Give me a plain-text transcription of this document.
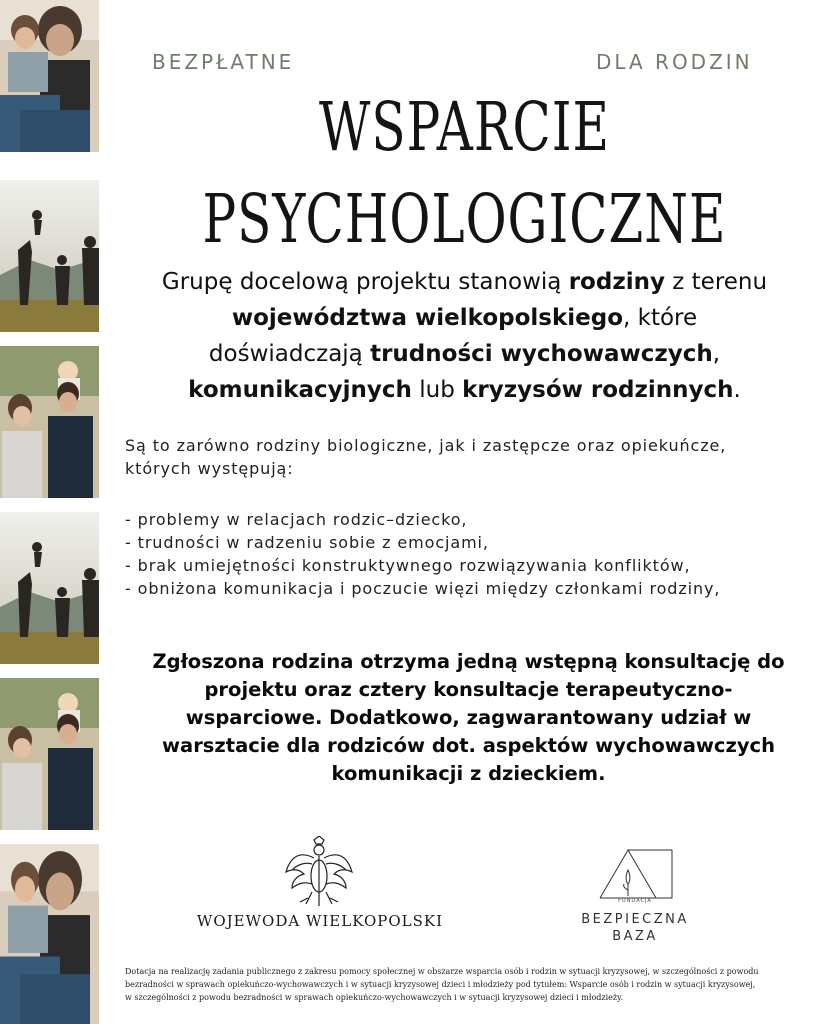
BEZPŁATNE	DLA RODZIN
WSPARCIE
PSYCHOLOGICZNE
Grupę docelową projektu stanowią rodziny z terenu
województwa wielkopolskiego, które
doświadczają trudności wychowawczych,
komunikacyjnych lub kryzysów rodzinnych.
Są to zarówno rodziny biologiczne, jak i zastępcze oraz opiekuńcze,
których występują:
- problemy w relacjach rodzic–dziecko,
- trudności w radzeniu sobie z emocjami,
- brak umiejętności konstruktywnego rozwiązywania konfliktów,
- obniżona komunikacja i poczucie więzi między członkami rodziny,
Zgłoszona rodzina otrzyma jedną wstępną konsultację do
projektu oraz cztery konsultacje terapeutyczno-
wsparciowe. Dodatkowo, zagwarantowany udział w
warsztacie dla rodziców dot. aspektów wychowawczych
komunikacji z dzieckiem.
WOJEWODA WIELKOPOLSKI
FUNDACJA
BEZPIECZNA
BAZA
Dotacja na realizację zadania publicznego z zakresu pomocy społecznej w obszarze wsparcia osób i rodzin w sytuacji kryzysowej, w szczególności z powodu
bezradności w sprawach opiekuńczo-wychowawczych i w sytuacji kryzysowej dzieci i młodzieży pod tytułem: Wsparcie osób i rodzin w sytuacji kryzysowej,
w szczególności z powodu bezradności w sprawach opiekuńczo-wychowawczych i w sytuacji kryzysowej dzieci i młodzieży.
